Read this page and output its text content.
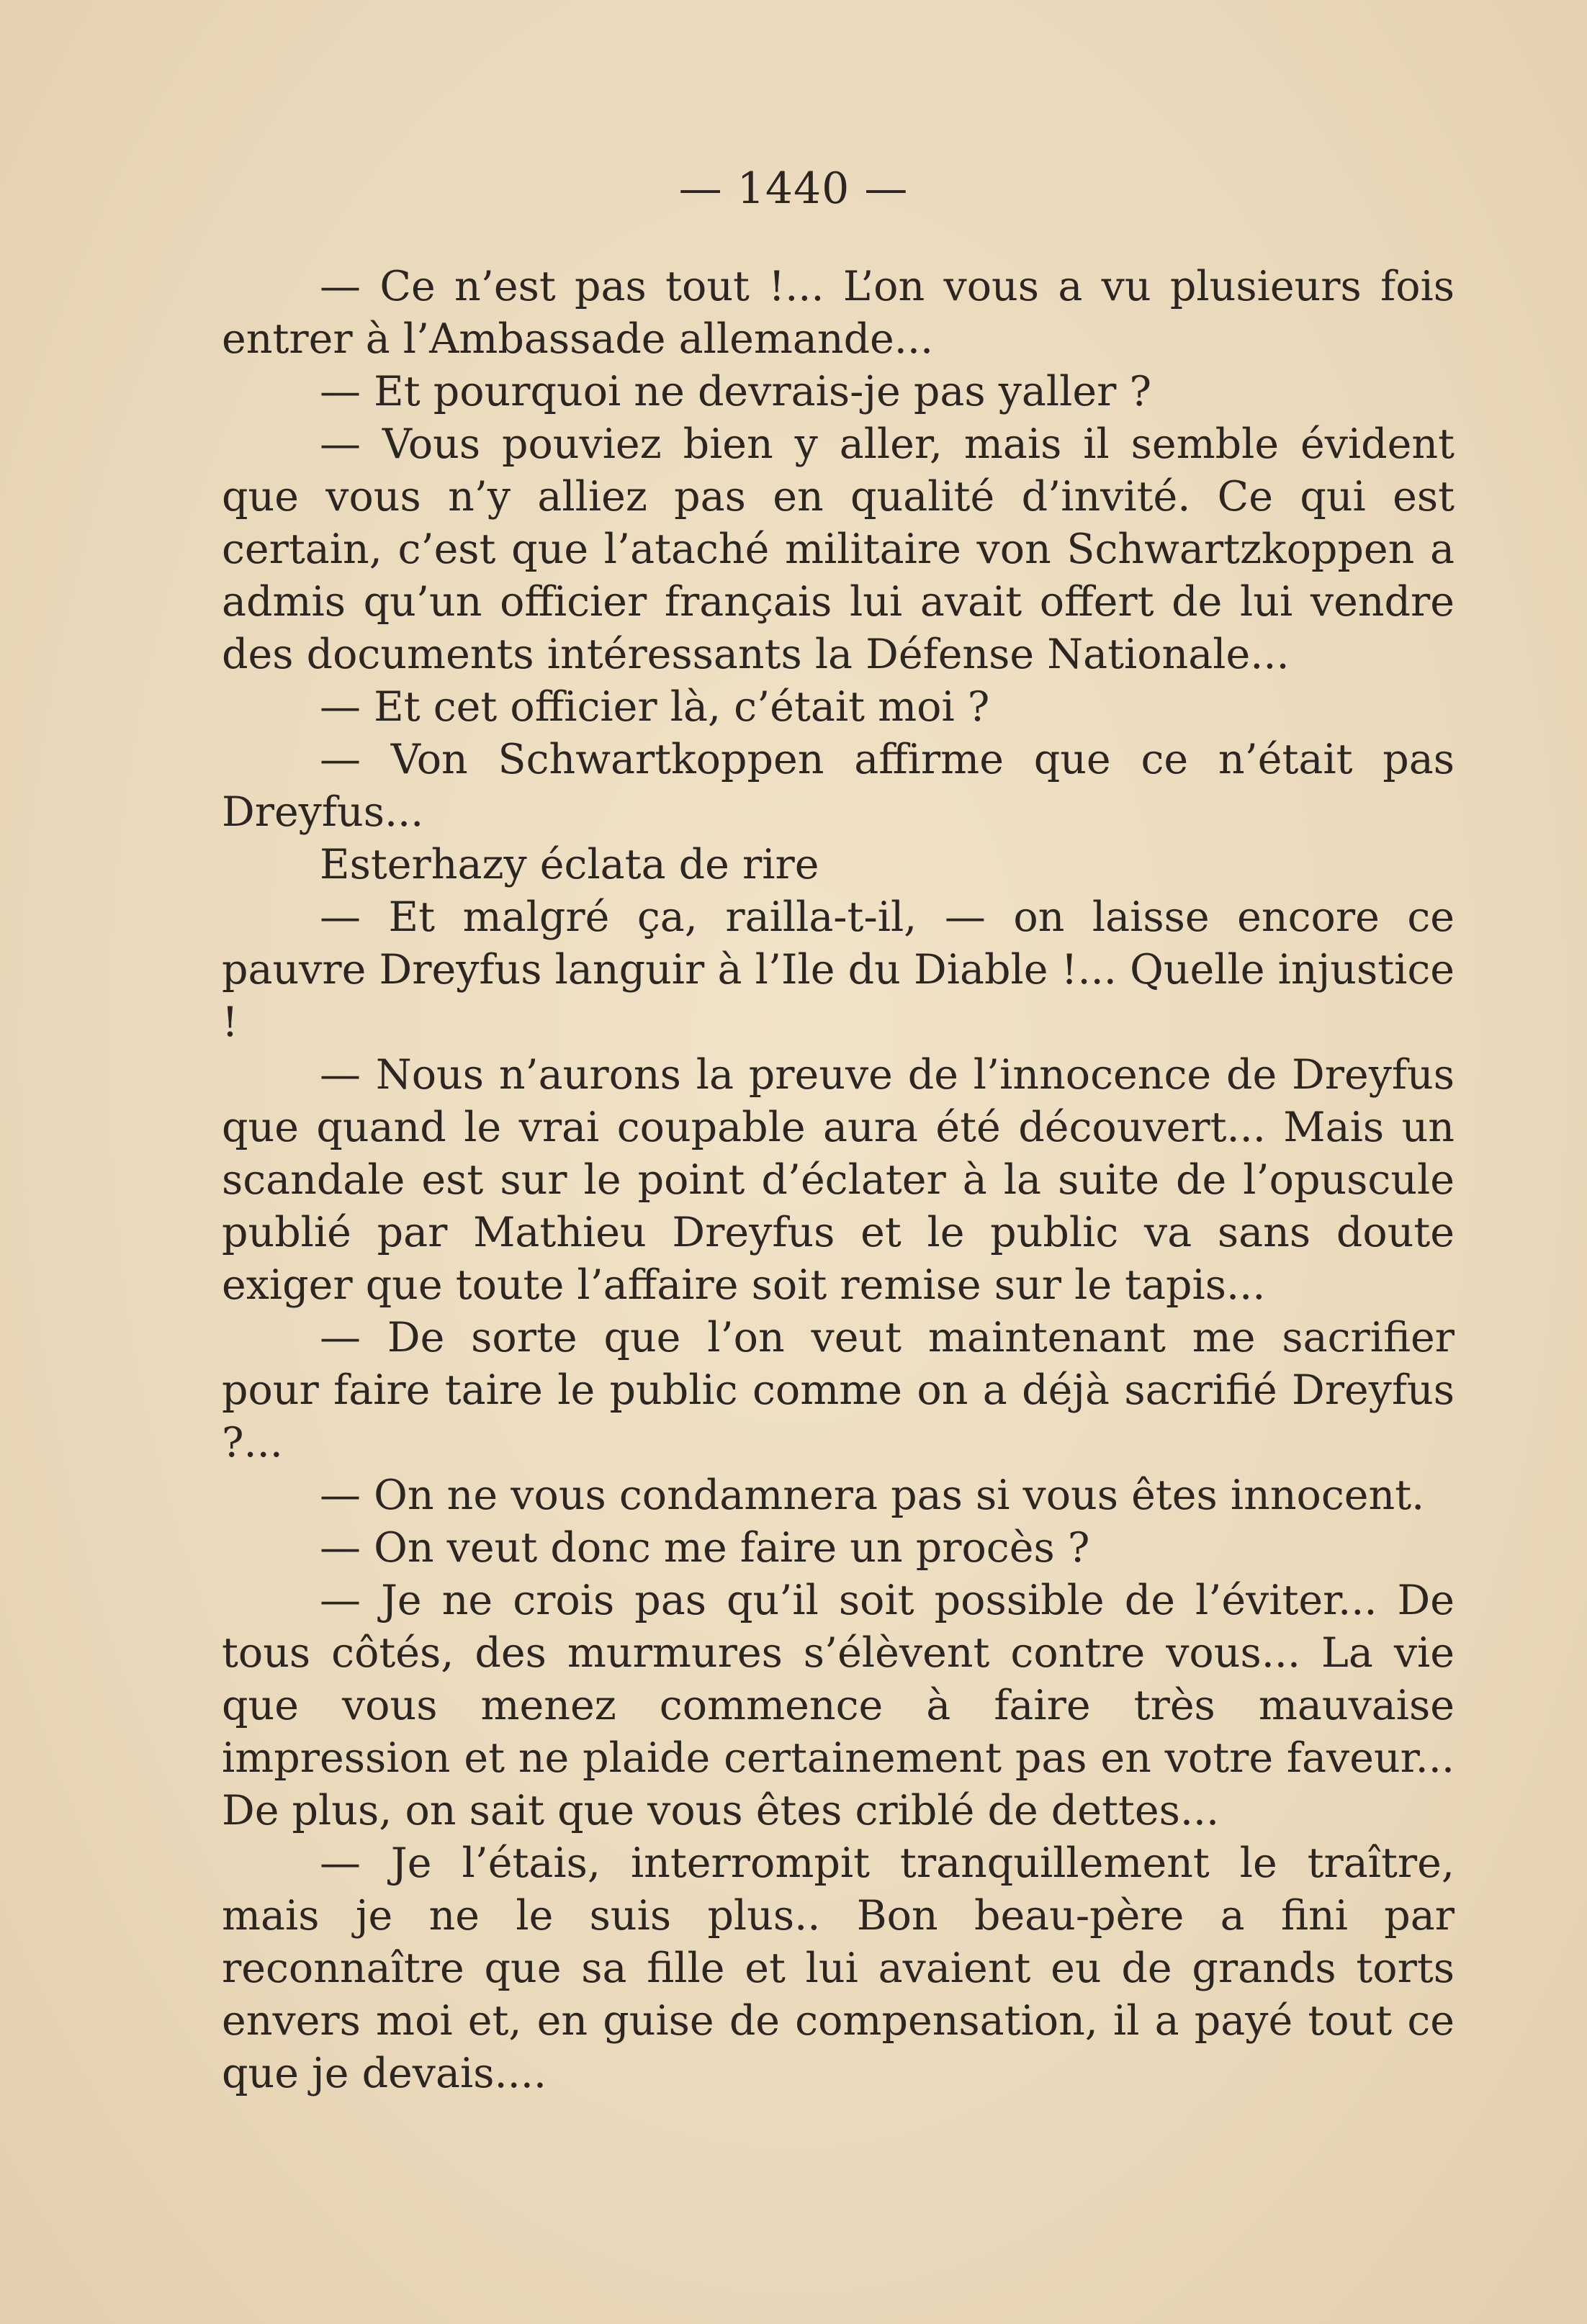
— 1440 —

— Ce n’est pas tout !... L’on vous a vu plusieurs fois entrer à l’Ambassade allemande...

— Et pourquoi ne devrais-je pas yaller ?

— Vous pouviez bien y aller, mais il semble évident que vous n’y alliez pas en qualité d’invité. Ce qui est certain, c’est que l’ataché militaire von Schwartzkoppen a admis qu’un officier français lui avait offert de lui vendre des documents intéressants la Défense Nationale...

— Et cet officier là, c’était moi ?

— Von Schwartkoppen affirme que ce n’était pas Dreyfus...

Esterhazy éclata de rire

— Et malgré ça, railla-t-il, — on laisse encore ce pauvre Dreyfus languir à l’Ile du Diable !... Quelle injustice !

— Nous n’aurons la preuve de l’innocence de Dreyfus que quand le vrai coupable aura été découvert... Mais un scandale est sur le point d’éclater à la suite de l’opuscule publié par Mathieu Dreyfus et le public va sans doute exiger que toute l’affaire soit remise sur le tapis...

— De sorte que l’on veut maintenant me sacrifier pour faire taire le public comme on a déjà sacrifié Dreyfus ?...

— On ne vous condamnera pas si vous êtes innocent.

— On veut donc me faire un procès ?

— Je ne crois pas qu’il soit possible de l’éviter... De tous côtés, des murmures s’élèvent contre vous... La vie que vous menez commence à faire très mauvaise impression et ne plaide certainement pas en votre faveur... De plus, on sait que vous êtes criblé de dettes...

— Je l’étais, interrompit tranquillement le traître, mais je ne le suis plus.. Bon beau-père a fini par reconnaître que sa fille et lui avaient eu de grands torts envers moi et, en guise de compensation, il a payé tout ce que je devais....
